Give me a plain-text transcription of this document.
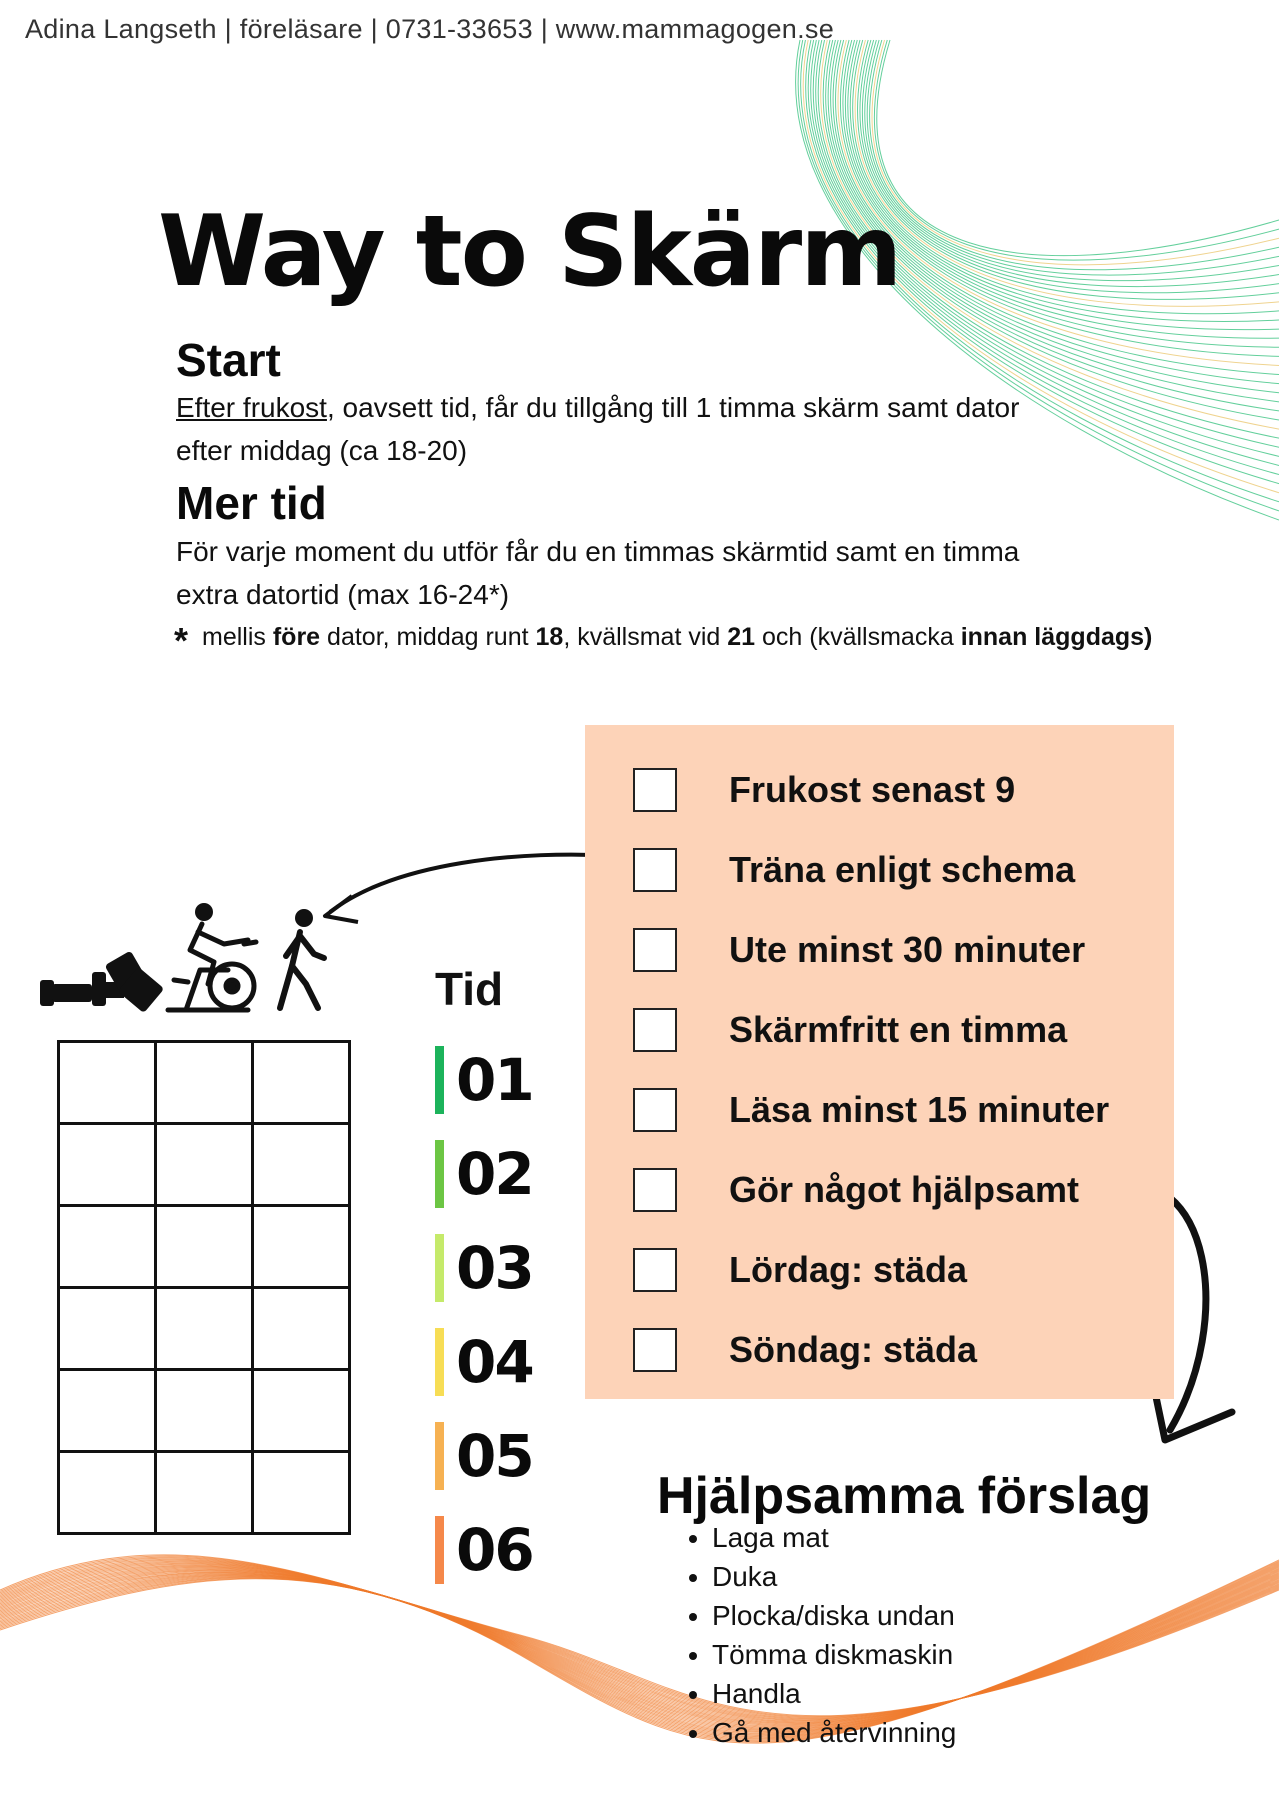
Adina Langseth | föreläsare | 0731-33653 | www.mammagogen.se
Way to Skärm
Start
Efter frukost, oavsett tid, får du tillgång till 1 timma skärm samt dator
efter middag (ca 18-20)
Mer tid
För varje moment du utför får du en timmas skärmtid samt en timma
extra datortid (max 16-24*)
* mellis före dator, middag runt 18, kvällsmat vid 21 och (kvällsmacka innan läggdags)
Frukost senast 9
Träna enligt schema
Ute minst 30 minuter
Skärmfritt en timma
Läsa minst 15 minuter
Gör något hjälpsamt
Lördag: städa
Söndag: städa
Tid
01
02
03
04
05
06
Hjälpsamma förslag
• Laga mat
• Duka
• Plocka/diska undan
• Tömma diskmaskin
• Handla
• Gå med återvinning
